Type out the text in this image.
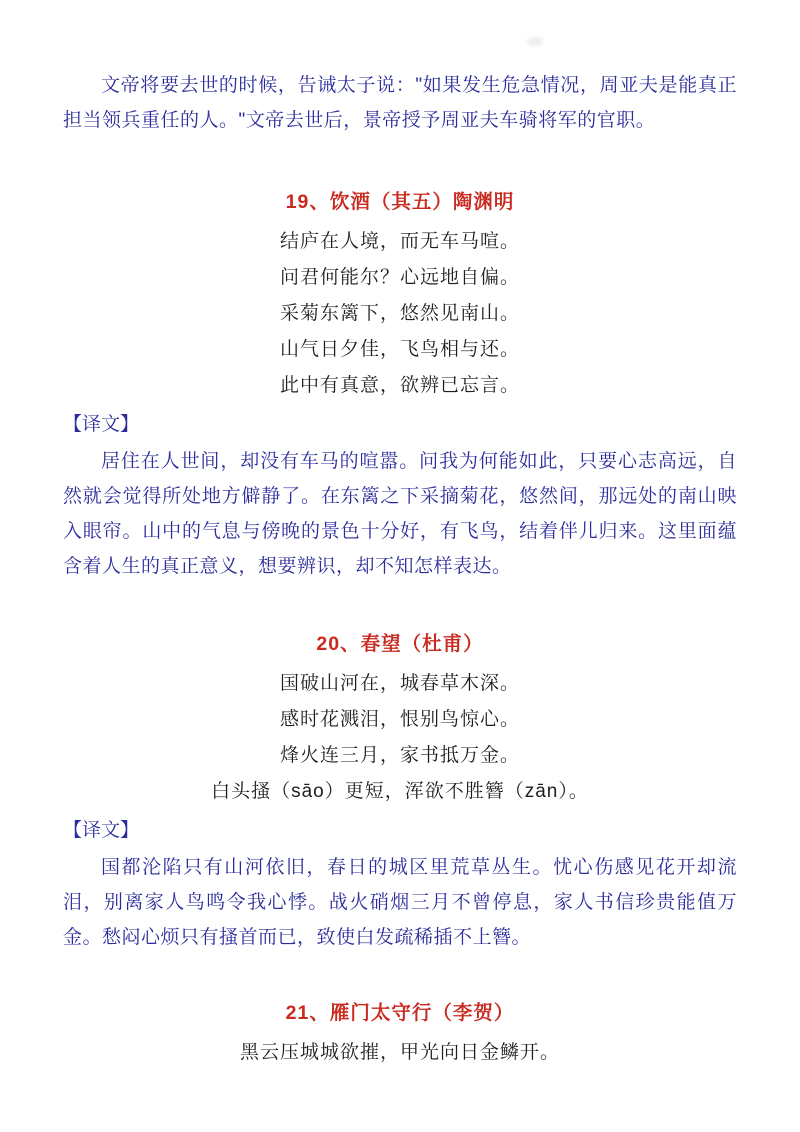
文帝将要去世的时候，告诫太子说："如果发生危急情况，周亚夫是能真正担当领兵重任的人。"文帝去世后，景帝授予周亚夫车骑将军的官职。

19、饮酒（其五）陶渊明
结庐在人境，而无车马喧。
问君何能尔？心远地自偏。
采菊东篱下，悠然见南山。
山气日夕佳，飞鸟相与还。
此中有真意，欲辨已忘言。
【译文】

居住在人世间，却没有车马的喧嚣。问我为何能如此，只要心志高远，自然就会觉得所处地方僻静了。在东篱之下采摘菊花，悠然间，那远处的南山映入眼帘。山中的气息与傍晚的景色十分好，有飞鸟，结着伴儿归来。这里面蕴含着人生的真正意义，想要辨识，却不知怎样表达。

20、春望（杜甫）
国破山河在，城春草木深。
感时花溅泪，恨别鸟惊心。
烽火连三月，家书抵万金。
白头搔（sāo）更短，浑欲不胜簪（zān）。
【译文】

国都沦陷只有山河依旧，春日的城区里荒草丛生。忧心伤感见花开却流泪，别离家人鸟鸣令我心悸。战火硝烟三月不曾停息，家人书信珍贵能值万金。愁闷心烦只有搔首而已，致使白发疏稀插不上簪。

21、雁门太守行（李贺）
黑云压城城欲摧，甲光向日金鳞开。
